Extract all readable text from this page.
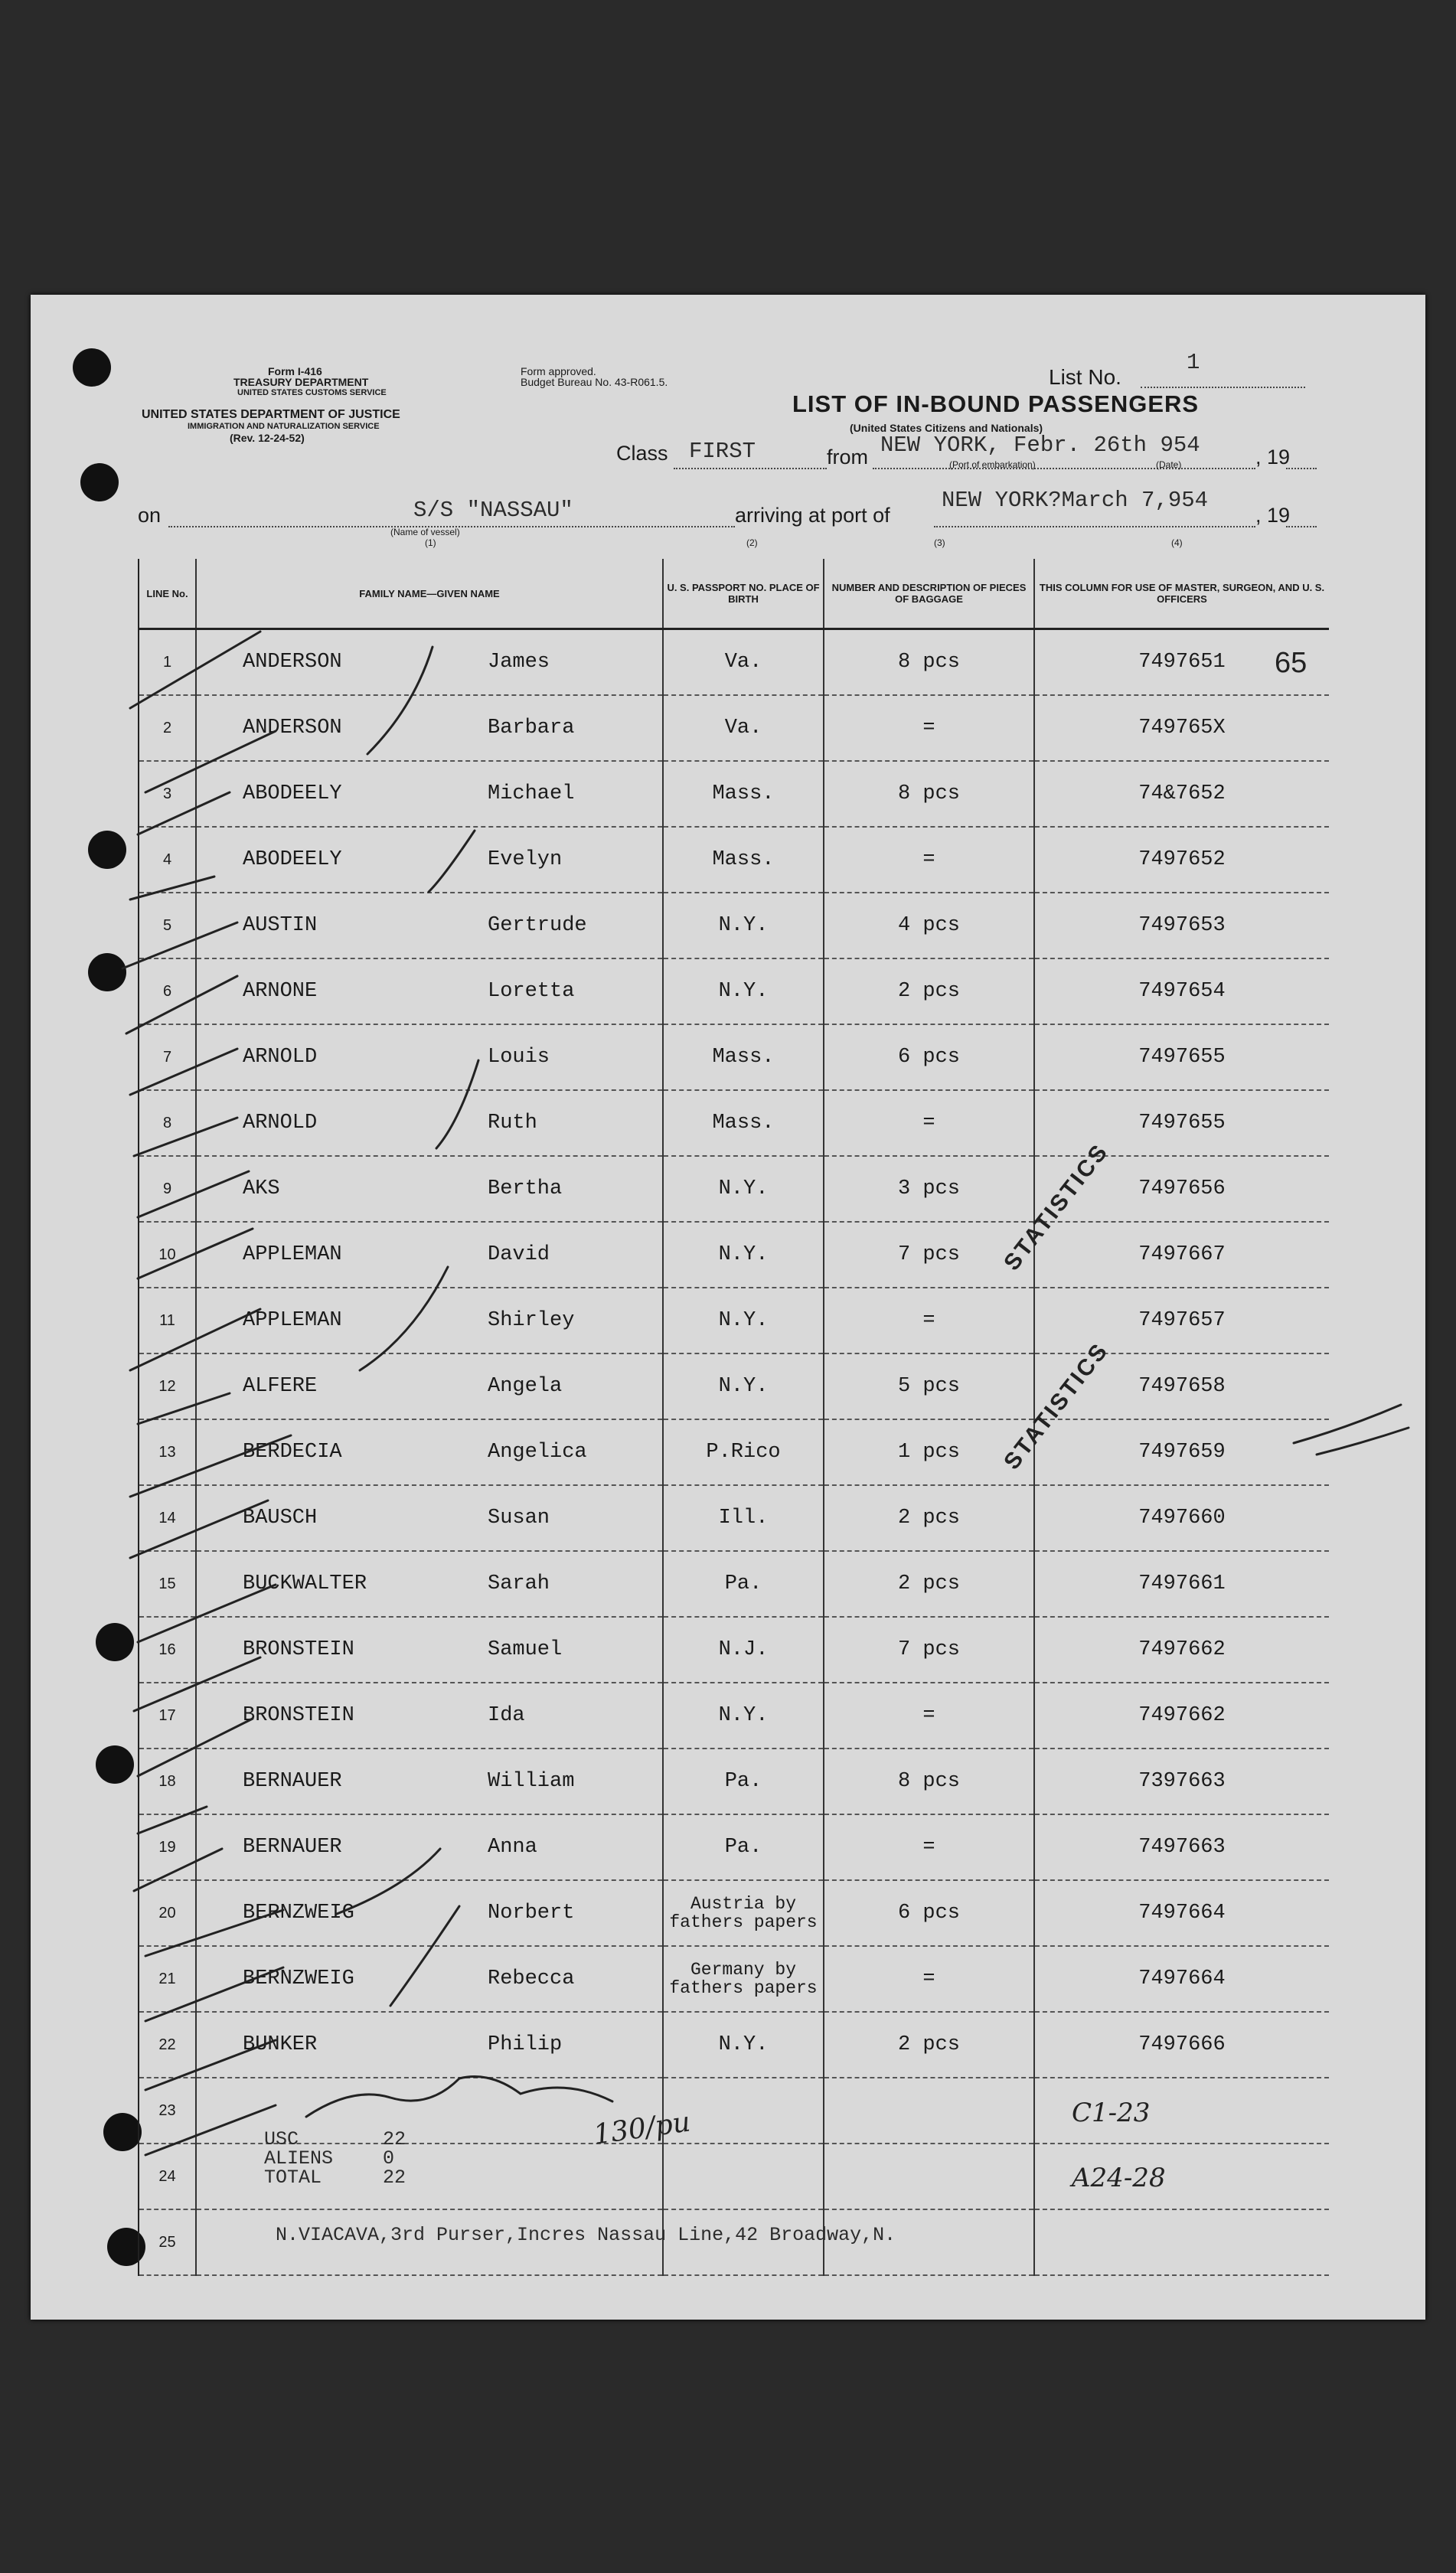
Form I-416
TREASURY DEPARTMENT
UNITED STATES CUSTOMS SERVICE
UNITED STATES DEPARTMENT OF JUSTICE
IMMIGRATION AND NATURALIZATION SERVICE
(Rev. 12-24-52)
Form approved.
Budget Bureau No. 43-R061.5.	List No.
1
LIST OF IN-BOUND PASSENGERS
(United States Citizens and Nationals)
Class FIRST	from NEW YORK, Febr. 26th 954	, 19
(Port of embarkation)	(Date)
on	S/S "NASSAU"	arriving at port of
NEW YORK?March 7,954
, 19
(Name of vessel)
(1)	(2)	(3)	(4)
LINE No.	FAMILY NAME—GIVEN NAME	U. S. PASSPORT NO. PLACE OF BIRTH	NUMBER AND DESCRIPTION OF PIECES OF BAGGAGE	THIS COLUMN FOR USE OF MASTER, SURGEON, AND U. S. OFFICERS
1	ANDERSON James	Va.	8 pcs	7497651
2	ANDERSON Barbara	Va.	=	749765X
3	ABODEELY Michael	Mass.	8 pcs	74&7652
4	ABODEELY Evelyn	Mass.	=	7497652
5	AUSTIN Gertrude	N.Y.	4 pcs	7497653
6	ARNONE Loretta	N.Y.	2 pcs	7497654
7	ARNOLD Louis	Mass.	6 pcs	7497655
8	ARNOLD Ruth	Mass.	=	7497655
9	AKS Bertha	N.Y.	3 pcs	7497656
10	APPLEMAN David	N.Y.	7 pcs	7497667
11	APPLEMAN Shirley	N.Y.	=	7497657
12	ALFERE Angela	N.Y.	5 pcs	7497658
13	BERDECIA Angelica	P.Rico	1 pcs	7497659
14	BAUSCH Susan	Ill.	2 pcs	7497660
15	BUCKWALTER Sarah	Pa.	2 pcs	7497661
16	BRONSTEIN Samuel	N.J.	7 pcs	7497662
17	BRONSTEIN Ida	N.Y.	=	7497662
18	BERNAUER William	Pa.	8 pcs	7397663
19	BERNAUER Anna	Pa.	=	7497663
20	BERNZWEIG Norbert	Austria by fathers papers	6 pcs	7497664
21	BERNZWEIG Rebecca	Germany by fathers papers	=	7497664
22	BUNKER Philip	N.Y.	2 pcs	7497666
23				
24				
25				
USC	22
ALIENS	0
TOTAL	22
N.VIACAVA,3rd Purser,Incres Nassau Line,42 Broadway,N.
65
C1-23
A24-28
130/pu
STATISTICS
STATISTICS
